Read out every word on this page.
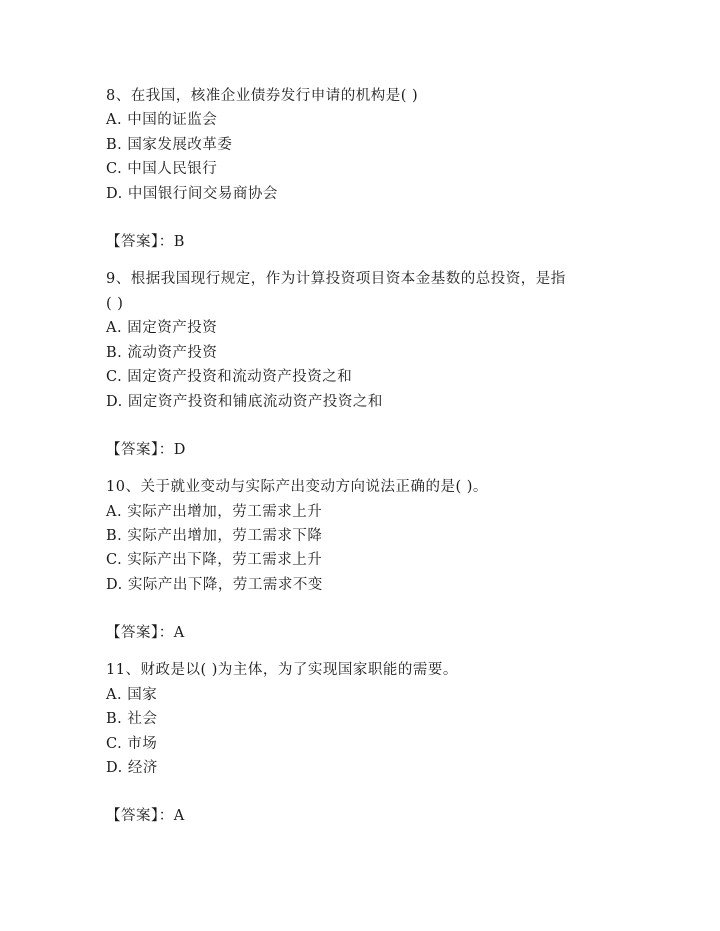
8、在我国，核准企业债券发行申请的机构是( )
A. 中国的证监会
B. 国家发展改革委
C. 中国人民银行
D. 中国银行间交易商协会
【答案】：B
9、根据我国现行规定，作为计算投资项目资本金基数的总投资，是指
( )
A. 固定资产投资
B. 流动资产投资
C. 固定资产投资和流动资产投资之和
D. 固定资产投资和铺底流动资产投资之和
【答案】：D
10、关于就业变动与实际产出变动方向说法正确的是( )。
A. 实际产出增加，劳工需求上升
B. 实际产出增加，劳工需求下降
C. 实际产出下降，劳工需求上升
D. 实际产出下降，劳工需求不变
【答案】：A
11、财政是以( )为主体，为了实现国家职能的需要。
A. 国家
B. 社会
C. 市场
D. 经济
【答案】：A
